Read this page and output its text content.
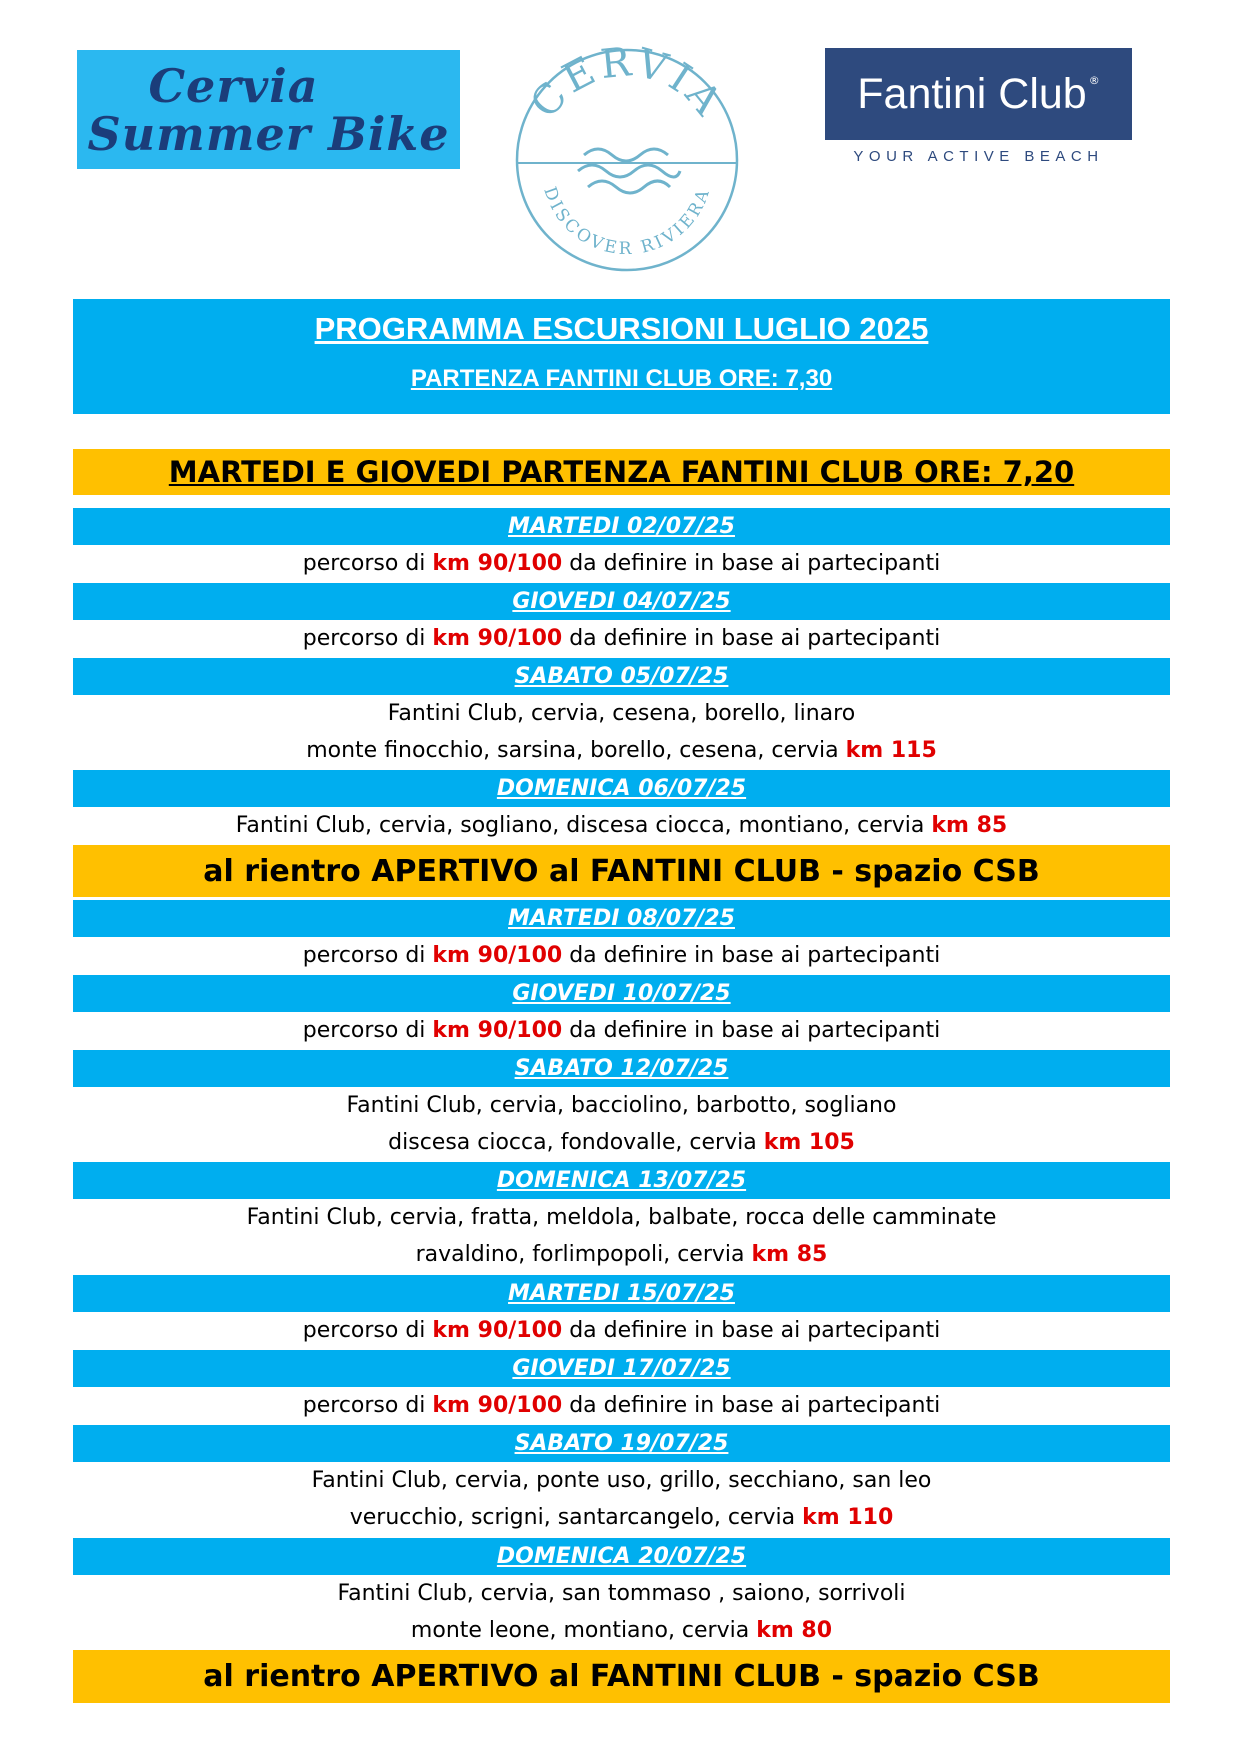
Cervia
Summer Bike
CERVIA
DISCOVER RIVIERA
Fantini Club®
YOUR ACTIVE BEACH
PROGRAMMA ESCURSIONI LUGLIO 2025
PARTENZA FANTINI CLUB ORE: 7,30
MARTEDI E GIOVEDI PARTENZA FANTINI CLUB ORE: 7,20
MARTEDI 02/07/25
percorso di km 90/100 da definire in base ai partecipanti
GIOVEDI 04/07/25
percorso di km 90/100 da definire in base ai partecipanti
SABATO 05/07/25
Fantini Club, cervia, cesena, borello, linaro
monte finocchio, sarsina, borello, cesena, cervia km 115
DOMENICA 06/07/25
Fantini Club, cervia, sogliano, discesa ciocca, montiano, cervia km 85
al rientro APERTIVO al FANTINI CLUB - spazio CSB
MARTEDI 08/07/25
percorso di km 90/100 da definire in base ai partecipanti
GIOVEDI 10/07/25
percorso di km 90/100 da definire in base ai partecipanti
SABATO 12/07/25
Fantini Club, cervia, bacciolino, barbotto, sogliano
discesa ciocca, fondovalle, cervia km 105
DOMENICA 13/07/25
Fantini Club, cervia, fratta, meldola, balbate, rocca delle camminate
ravaldino, forlimpopoli, cervia km 85
MARTEDI 15/07/25
percorso di km 90/100 da definire in base ai partecipanti
GIOVEDI 17/07/25
percorso di km 90/100 da definire in base ai partecipanti
SABATO 19/07/25
Fantini Club, cervia, ponte uso, grillo, secchiano, san leo
verucchio, scrigni, santarcangelo, cervia km 110
DOMENICA 20/07/25
Fantini Club, cervia, san tommaso , saiono, sorrivoli
monte leone, montiano, cervia km 80
al rientro APERTIVO al FANTINI CLUB - spazio CSB
